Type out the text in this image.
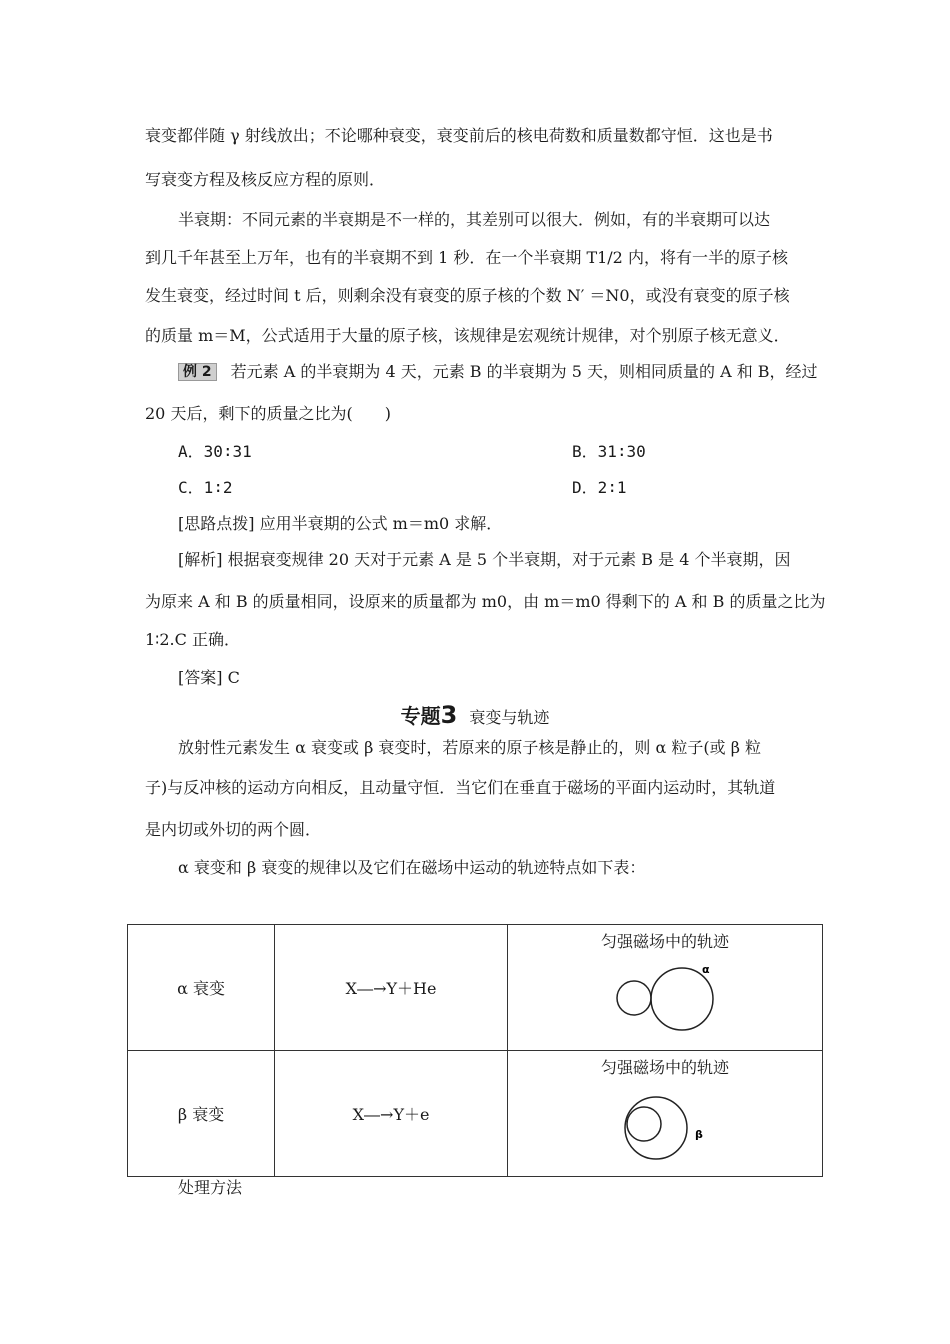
衰变都伴随 γ 射线放出；不论哪种衰变，衰变前后的核电荷数和质量数都守恒．这也是书
写衰变方程及核反应方程的原则．
半衰期：不同元素的半衰期是不一样的，其差别可以很大．例如，有的半衰期可以达
到几千年甚至上万年，也有的半衰期不到 1 秒．在一个半衰期 T1/2 内，将有一半的原子核
发生衰变，经过时间 t 后，则剩余没有衰变的原子核的个数 N′ ＝N0，或没有衰变的原子核
的质量 m＝M，公式适用于大量的原子核，该规律是宏观统计规律，对个别原子核无意义．
例 2 若元素 A 的半衰期为 4 天，元素 B 的半衰期为 5 天，则相同质量的 A 和 B，经过
20 天后，剩下的质量之比为(　　)
A．30∶31	B．31∶30
C．1∶2	D．2∶1
[思路点拨] 应用半衰期的公式 m＝m0 求解．
[解析] 根据衰变规律 20 天对于元素 A 是 5 个半衰期，对于元素 B 是 4 个半衰期，因
为原来 A 和 B 的质量相同，设原来的质量都为 m0，由 m＝m0 得剩下的 A 和 B 的质量之比为
1∶2.C 正确．
[答案] C
专题3 衰变与轨迹
放射性元素发生 α 衰变或 β 衰变时，若原来的原子核是静止的，则 α 粒子(或 β 粒
子)与反冲核的运动方向相反，且动量守恒．当它们在垂直于磁场的平面内运动时，其轨道
是内切或外切的两个圆．
α 衰变和 β 衰变的规律以及它们在磁场中运动的轨迹特点如下表：
α 衰变	X―→Y＋He	匀强磁场中的轨迹
α

β 衰变	X―→Y＋e	匀强磁场中的轨迹
β
处理方法
